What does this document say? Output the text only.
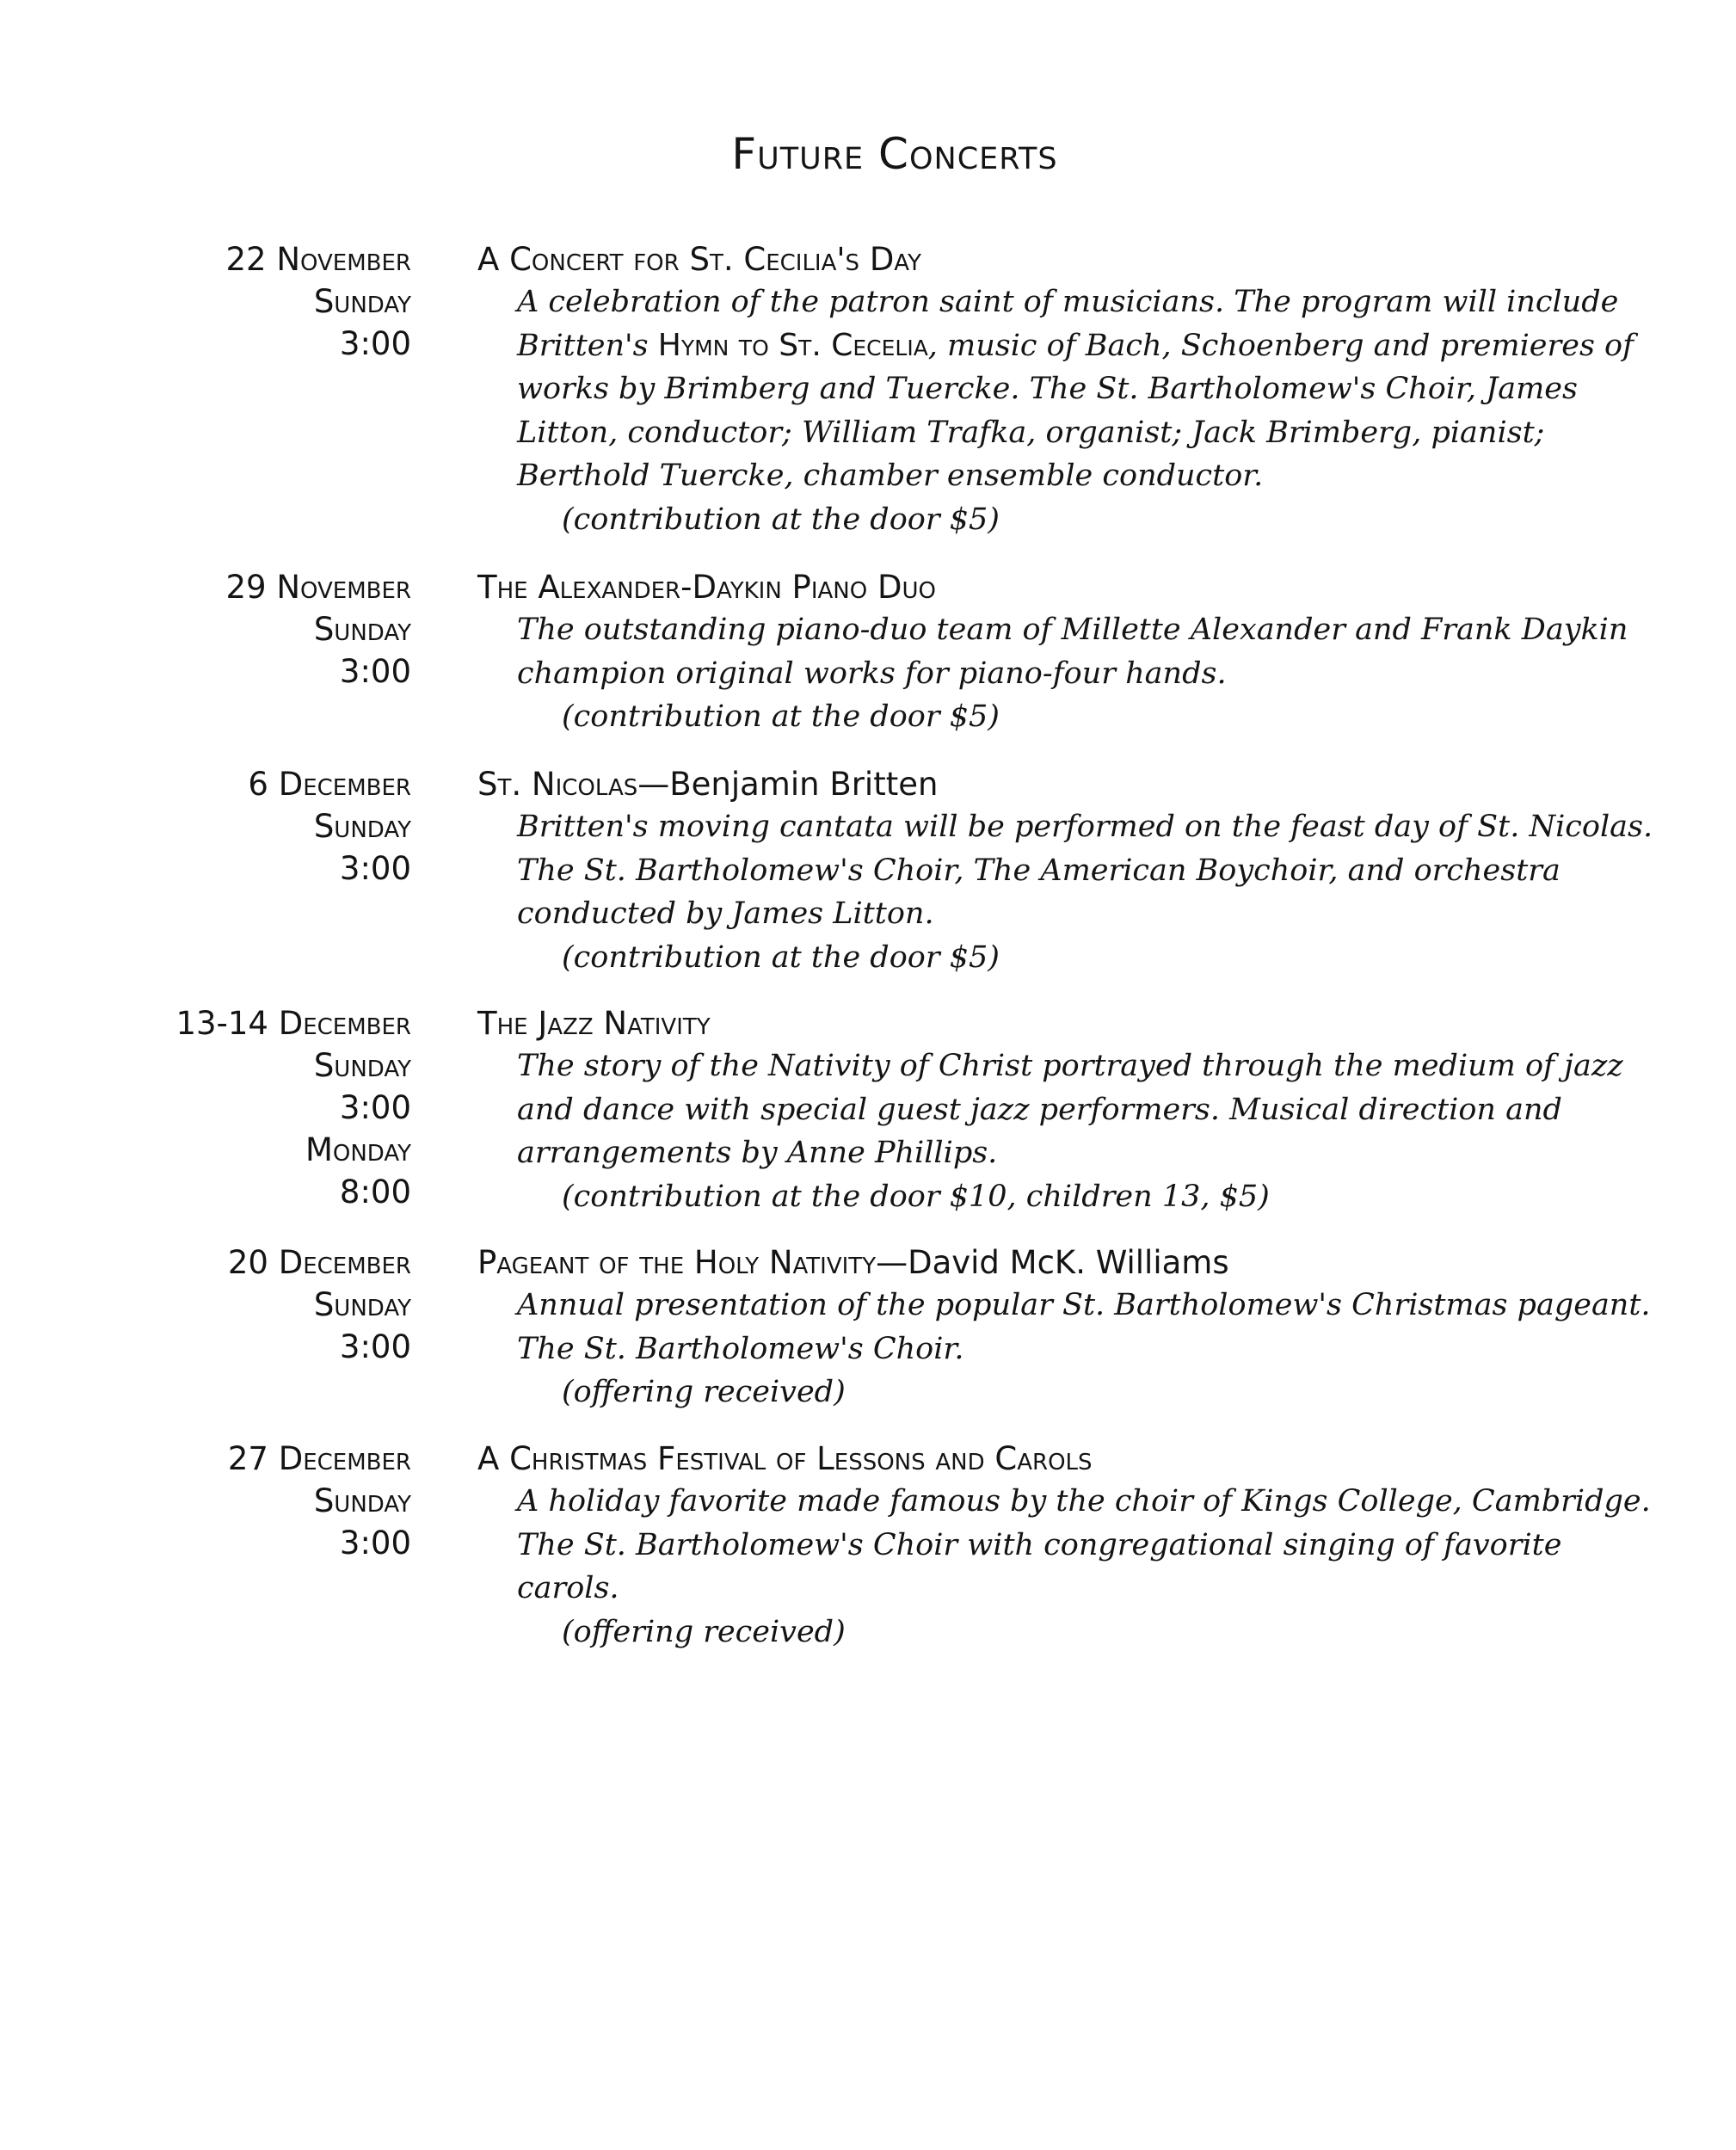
Future Concerts
22 November
Sunday
3:00
A Concert for St. Cecilia's Day
A celebration of the patron saint of musicians. The program will include Britten's Hymn to St. Cecelia, music of Bach, Schoenberg and premieres of works by Brimberg and Tuercke. The St. Bartholomew's Choir, James Litton, conductor; William Trafka, organist; Jack Brimberg, pianist; Berthold Tuercke, chamber ensemble conductor.
(contribution at the door $5)
29 November
Sunday
3:00
The Alexander-Daykin Piano Duo
The outstanding piano-duo team of Millette Alexander and Frank Daykin champion original works for piano-four hands.
(contribution at the door $5)
6 December
Sunday
3:00
St. Nicolas—Benjamin Britten
Britten's moving cantata will be performed on the feast day of St. Nicolas. The St. Bartholomew's Choir, The American Boychoir, and orchestra conducted by James Litton.
(contribution at the door $5)
13-14 December
Sunday
3:00
Monday
8:00
The Jazz Nativity
The story of the Nativity of Christ portrayed through the medium of jazz and dance with special guest jazz performers. Musical direction and arrangements by Anne Phillips.
(contribution at the door $10, children 13, $5)
20 December
Sunday
3:00
Pageant of the Holy Nativity—David McK. Williams
Annual presentation of the popular St. Bartholomew's Christmas pageant. The St. Bartholomew's Choir.
(offering received)
27 December
Sunday
3:00
A Christmas Festival of Lessons and Carols
A holiday favorite made famous by the choir of Kings College, Cambridge. The St. Bartholomew's Choir with congregational singing of favorite carols.
(offering received)
